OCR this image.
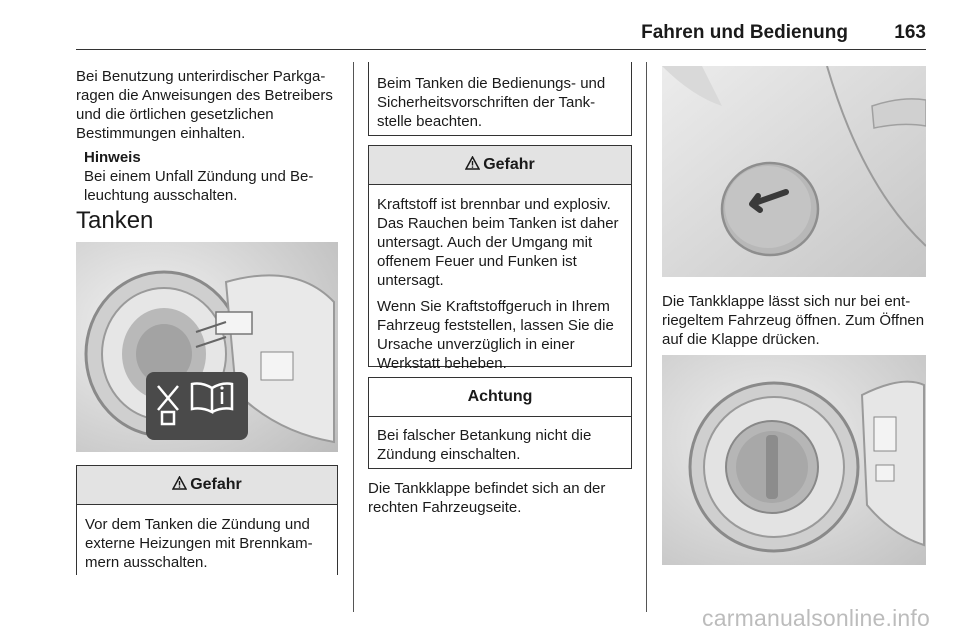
Fahren und Bedienung 163

Bei Benutzung unterirdischer Parkgaragen die Anweisungen des Betreibers und die örtlichen gesetzlichen Bestimmungen einhalten.

Hinweis

Bei einem Unfall Zündung und Beleuchtung ausschalten.

Tanken
Gefahr

Vor dem Tanken die Zündung und externe Heizungen mit Brennkammern ausschalten.

Beim Tanken die Bedienungs- und Sicherheitsvorschriften der Tankstelle beachten.

Gefahr

Kraftstoff ist brennbar und explosiv. Das Rauchen beim Tanken ist daher untersagt. Auch der Umgang mit offenem Feuer und Funken ist untersagt.

Wenn Sie Kraftstoffgeruch in Ihrem Fahrzeug feststellen, lassen Sie die Ursache unverzüglich in einer Werkstatt beheben.

Achtung

Bei falscher Betankung nicht die Zündung einschalten.

Die Tankklappe befindet sich an der rechten Fahrzeugseite.

Die Tankklappe lässt sich nur bei entriegeltem Fahrzeug öffnen. Zum Öffnen auf die Klappe drücken.

carmanualsonline.info
